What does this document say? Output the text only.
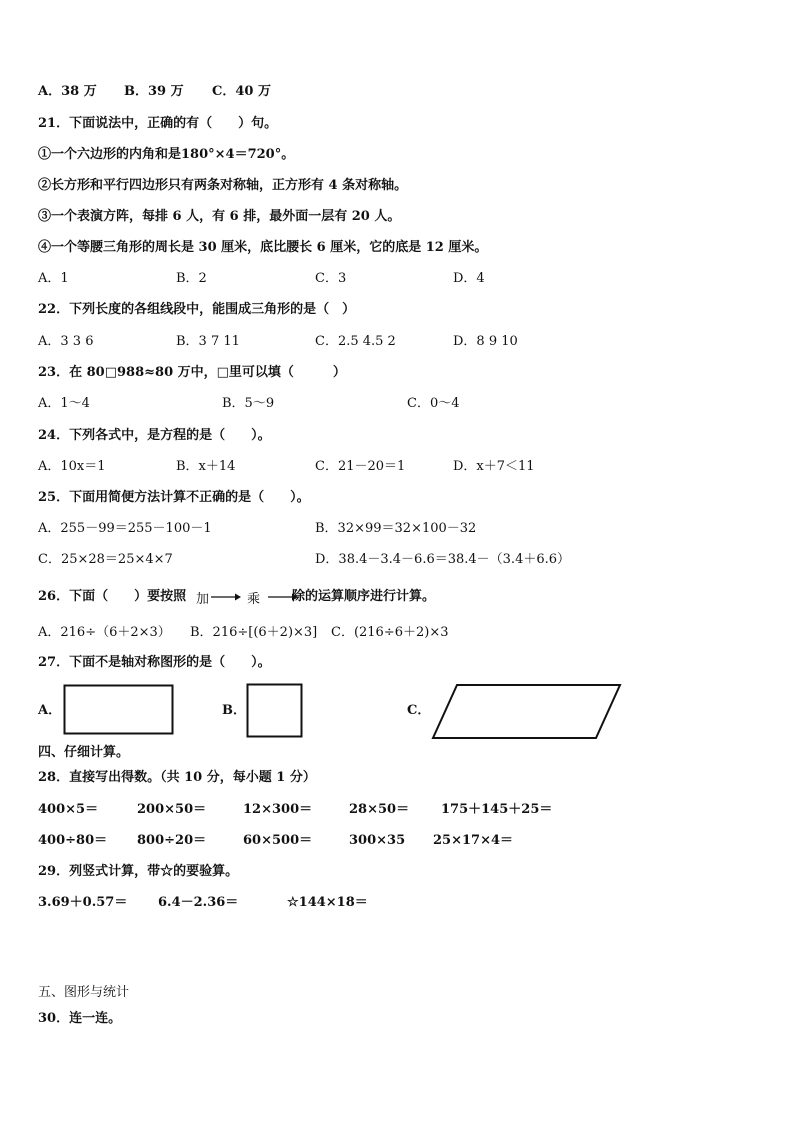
A．38 万 B．39 万 C．40 万
21．下面说法中，正确的有（　　）句。
①一个六边形的内角和是180°×4＝720°。
②长方形和平行四边形只有两条对称轴，正方形有 4 条对称轴。
③一个表演方阵，每排 6 人，有 6 排，最外面一层有 20 人。
④一个等腰三角形的周长是 30 厘米，底比腰长 6 厘米，它的底是 12 厘米。
A．1	B．2	C．3	D．4
22．下列长度的各组线段中，能围成三角形的是（　）
A．3 3 6	B．3 7 11	C．2.5 4.5 2	D．8 9 10
23．在 80□988≈80 万中，□里可以填（　　　）
A．1～4	B．5～9	C．0～4
24．下列各式中，是方程的是（　　）。
A．10x＝1	B．x＋14	C．21－20＝1	D．x＋7＜11
25．下面用简便方法计算不正确的是（　　）。
A．255－99＝255－100－1	B．32×99＝32×100－32
C．25×28＝25×4×7	D．38.4－3.4－6.6＝38.4－（3.4＋6.6）
26．下面（　　）要按照 加	乘 除的运算顺序进行计算。
A．216÷（6＋2×3） B．216÷[(6＋2)×3] C．(216÷6＋2)×3
27．下面不是轴对称图形的是（　　）。
A．	B．	C．
四、仔细计算。
28．直接写出得数。（共 10 分，每小题 1 分）
400×5＝	200×50＝	12×300＝	28×50＝ 175＋145＋25＝
400÷80＝ 800÷20＝	60×500＝	300×35 25×17×4＝
29．列竖式计算，带☆的要验算。
3.69＋0.57＝ 6.4－2.36＝	☆144×18＝
五、图形与统计
30．连一连。
